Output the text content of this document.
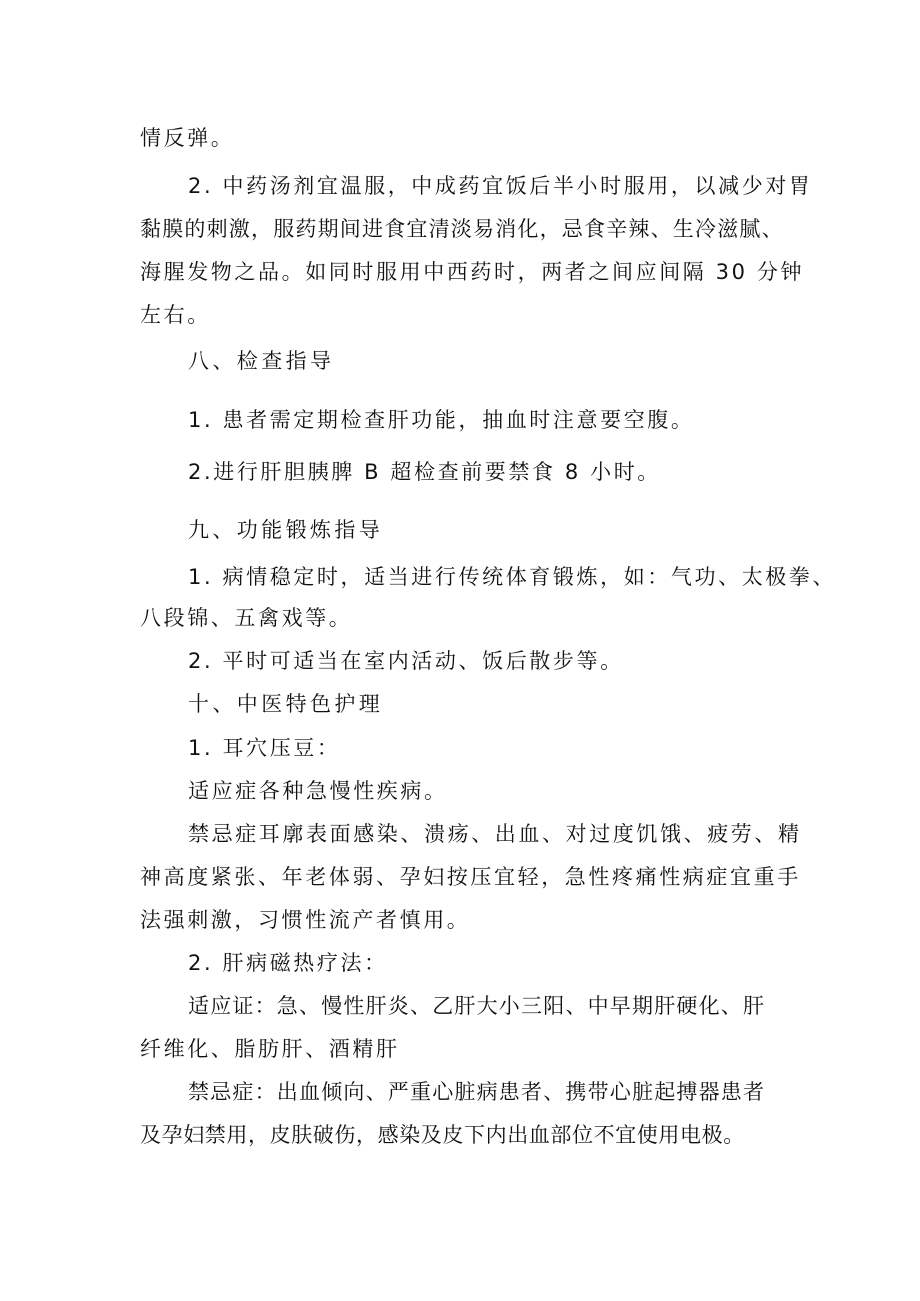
情反弹。
2. 中药汤剂宜温服，中成药宜饭后半小时服用，以减少对胃
黏膜的刺激，服药期间进食宜清淡易消化，忌食辛辣、生冷滋腻、
海腥发物之品。如同时服用中西药时，两者之间应间隔 30 分钟
左右。
八、检查指导
1. 患者需定期检查肝功能，抽血时注意要空腹。
2.进行肝胆胰脾 B 超检查前要禁食 8 小时。
九、功能锻炼指导
1. 病情稳定时，适当进行传统体育锻炼，如：气功、太极拳、
八段锦、五禽戏等。
2. 平时可适当在室内活动、饭后散步等。
十、中医特色护理
1. 耳穴压豆：
适应症各种急慢性疾病。
禁忌症耳廓表面感染、溃疡、出血、对过度饥饿、疲劳、精
神高度紧张、年老体弱、孕妇按压宜轻，急性疼痛性病症宜重手
法强刺激，习惯性流产者慎用。
2. 肝病磁热疗法：
适应证：急、慢性肝炎、乙肝大小三阳、中早期肝硬化、肝
纤维化、脂肪肝、酒精肝
禁忌症：出血倾向、严重心脏病患者、携带心脏起搏器患者
及孕妇禁用，皮肤破伤，感染及皮下内出血部位不宜使用电极。
